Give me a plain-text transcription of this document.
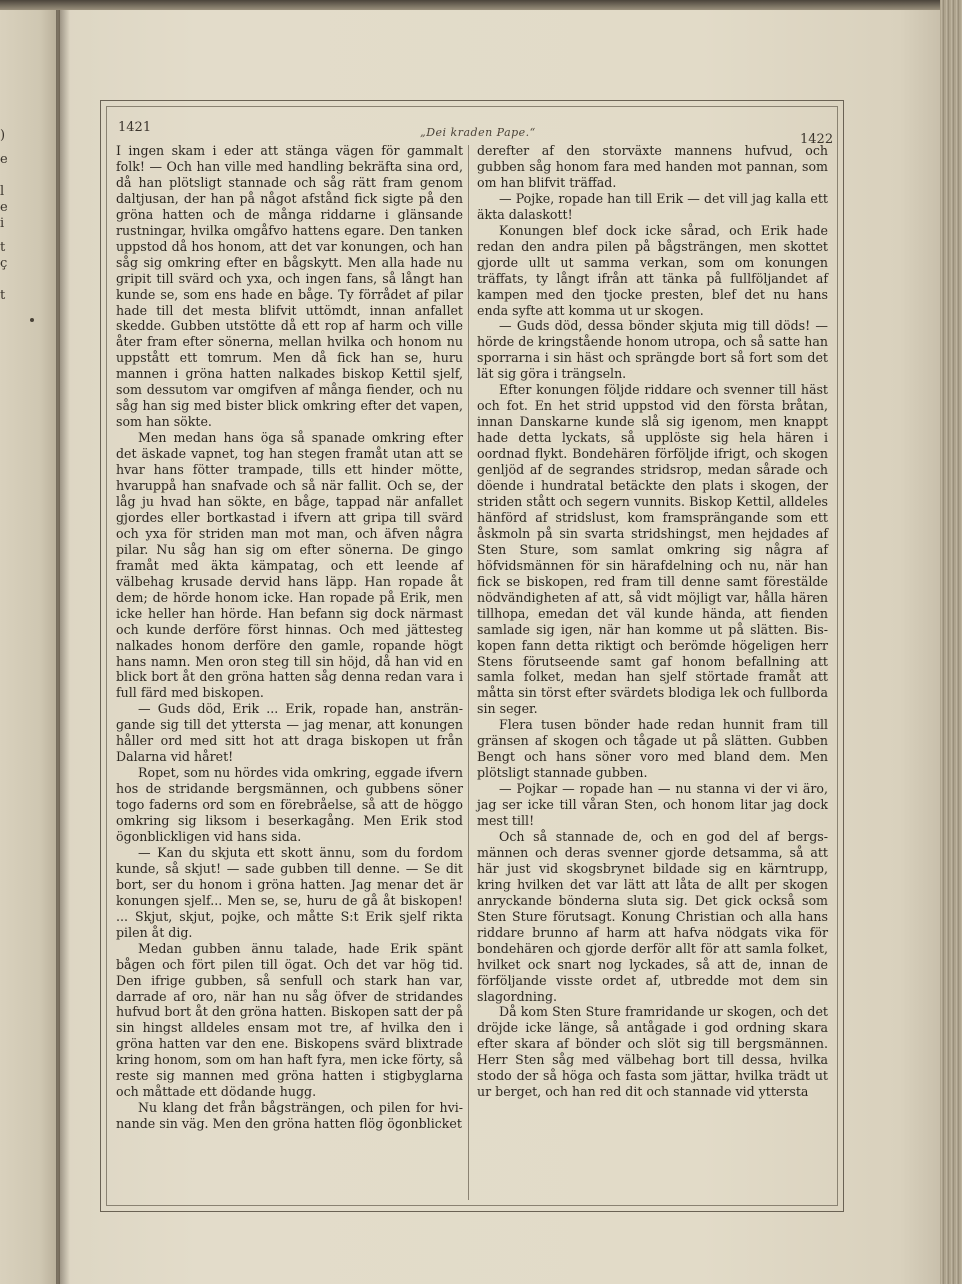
)
e
l
e
i
t
ç
t
1421	„Dei kraden Pape.“	1422

I ingen skam i eder att stänga vägen för gammalt folk! — Och han ville med handling bekräfta sina ord, då han plötsligt stannade och såg rätt fram genom daltjusan, der han på något afstånd fick sigte på den gröna hatten och de många riddarne i glänsande rustningar, hvilka omgåfvo hattens egare. Den tanken uppstod då hos honom, att det var konungen, och han såg sig omkring efter en bågskytt. Men alla hade nu gripit till svärd och yxa, och ingen fans, så långt han kunde se, som ens hade en båge. Ty förrådet af pilar hade till det mesta blifvit uttömdt, innan anfallet skedde. Gubben utstötte då ett rop af harm och ville åter fram efter sönerna, mellan hvilka och honom nu uppstått ett tomrum. Men då fick han se, huru mannen i gröna hatten nalkades biskop Kettil sjelf, som dessutom var omgifven af många fiender, och nu såg han sig med bister blick omkring efter det vapen, som han sökte.

Men medan hans öga så spanade omkring efter det äskade vapnet, tog han stegen framåt utan att se hvar hans fötter trampade, tills ett hinder mötte, hvaruppå han snafvade och så när fallit. Och se, der låg ju hvad han sökte, en båge, tappad när anfallet gjordes eller bortkastad i ifvern att gripa till svärd och yxa för striden man mot man, och äfven några pilar. Nu såg han sig om efter sönerna. De gingo framåt med äkta kämpatag, och ett leende af välbehag krusade dervid hans läpp. Han ropade åt dem; de hörde honom icke. Han ropade på Erik, men icke heller han hörde. Han befann sig dock närmast och kunde derföre först hinnas. Och med jättesteg nalkades honom derföre den gamle, ropande högt hans namn. Men oron steg till sin höjd, då han vid en blick bort åt den gröna hatten såg denna redan vara i full färd med biskopen.

— Guds död, Erik ... Erik, ropade han, ansträngande sig till det yttersta — jag menar, att konungen håller ord med sitt hot att draga biskopen ut från Dalarna vid håret!

Ropet, som nu hördes vida omkring, eggade ifvern hos de stridande bergsmännen, och gubbens söner togo faderns ord som en förebråelse, så att de höggo omkring sig liksom i beserkagång. Men Erik stod ögonblickligen vid hans sida.

— Kan du skjuta ett skott ännu, som du fordom kunde, så skjut! — sade gubben till denne. — Se dit bort, ser du honom i gröna hatten. Jag menar det är konungen sjelf... Men se, se, huru de gå åt biskopen! ... Skjut, skjut, pojke, och måtte S:t Erik sjelf rikta pilen åt dig.

Medan gubben ännu talade, hade Erik spänt bågen och fört pilen till ögat. Och det var hög tid. Den ifrige gubben, så senfull och stark han var, darrade af oro, när han nu såg öfver de stridandes hufvud bort åt den gröna hatten. Biskopen satt der på sin hingst alldeles ensam mot tre, af hvilka den i gröna hatten var den ene. Biskopens svärd blixtrade kring honom, som om han haft fyra, men icke förty, så reste sig mannen med gröna hatten i stigbyglarna och måttade ett dödande hugg.

Nu klang det från bågsträngen, och pilen for hvinande sin väg. Men den gröna hatten flög ögonblicket

derefter af den storväxte mannens hufvud, och gubben såg honom fara med handen mot pannan, som om han blifvit träffad.

— Pojke, ropade han till Erik — det vill jag kalla ett äkta dalaskott!

Konungen blef dock icke sårad, och Erik hade redan den andra pilen på bågsträngen, men skottet gjorde ullt ut samma verkan, som om konungen träffats, ty långt ifrån att tänka på fullföljandet af kampen med den tjocke presten, blef det nu hans enda syfte att komma ut ur skogen.

— Guds död, dessa bönder skjuta mig till döds! — hörde de kringstående honom utropa, och så satte han sporrarna i sin häst och sprängde bort så fort som det lät sig göra i trängseln.

Efter konungen följde riddare och svenner till häst och fot. En het strid uppstod vid den första bråtan, innan Danskarne kunde slå sig igenom, men knappt hade detta lyckats, så upplöste sig hela hären i oordnad flykt. Bondehären förföljde ifrigt, och skogen genljöd af de segrandes stridsrop, medan sårade och döende i hundratal betäckte den plats i skogen, der striden stått och segern vunnits. Biskop Kettil, alldeles hänförd af stridslust, kom framsprängande som ett åskmoln på sin svarta stridshingst, men hejdades af Sten Sture, som samlat omkring sig några af höfvidsmännen för sin härafdelning och nu, när han fick se biskopen, red fram till denne samt förestälde nödvändigheten af att, så vidt möjligt var, hålla hären tillhopa, emedan det väl kunde hända, att fienden samlade sig igen, när han komme ut på slätten. Biskopen fann detta riktigt och berömde högeligen herr Stens förutseende samt gaf honom befallning att samla folket, medan han sjelf störtade framåt att måtta sin törst efter svärdets blodiga lek och fullborda sin seger.

Flera tusen bönder hade redan hunnit fram till gränsen af skogen och tågade ut på slätten. Gubben Bengt och hans söner voro med bland dem. Men plötsligt stannade gubben.

— Pojkar — ropade han — nu stanna vi der vi äro, jag ser icke till våran Sten, och honom litar jag dock mest till!

Och så stannade de, och en god del af bergsmännen och deras svenner gjorde detsamma, så att här just vid skogsbrynet bildade sig en kärntrupp, kring hvilken det var lätt att låta de allt per skogen anryckande bönderna sluta sig. Det gick också som Sten Sture förutsagt. Konung Christian och alla hans riddare brunno af harm att hafva nödgats vika för bondehären och gjorde derför allt för att samla folket, hvilket ock snart nog lyckades, så att de, innan de förföljande visste ordet af, utbredde mot dem sin slagordning.

Då kom Sten Sture framridande ur skogen, och det dröjde icke länge, så antågade i god ordning skara efter skara af bönder och slöt sig till bergsmännen. Herr Sten såg med välbehag bort till dessa, hvilka stodo der så höga och fasta som jättar, hvilka trädt ut ur berget, och han red dit och stannade vid yttersta
